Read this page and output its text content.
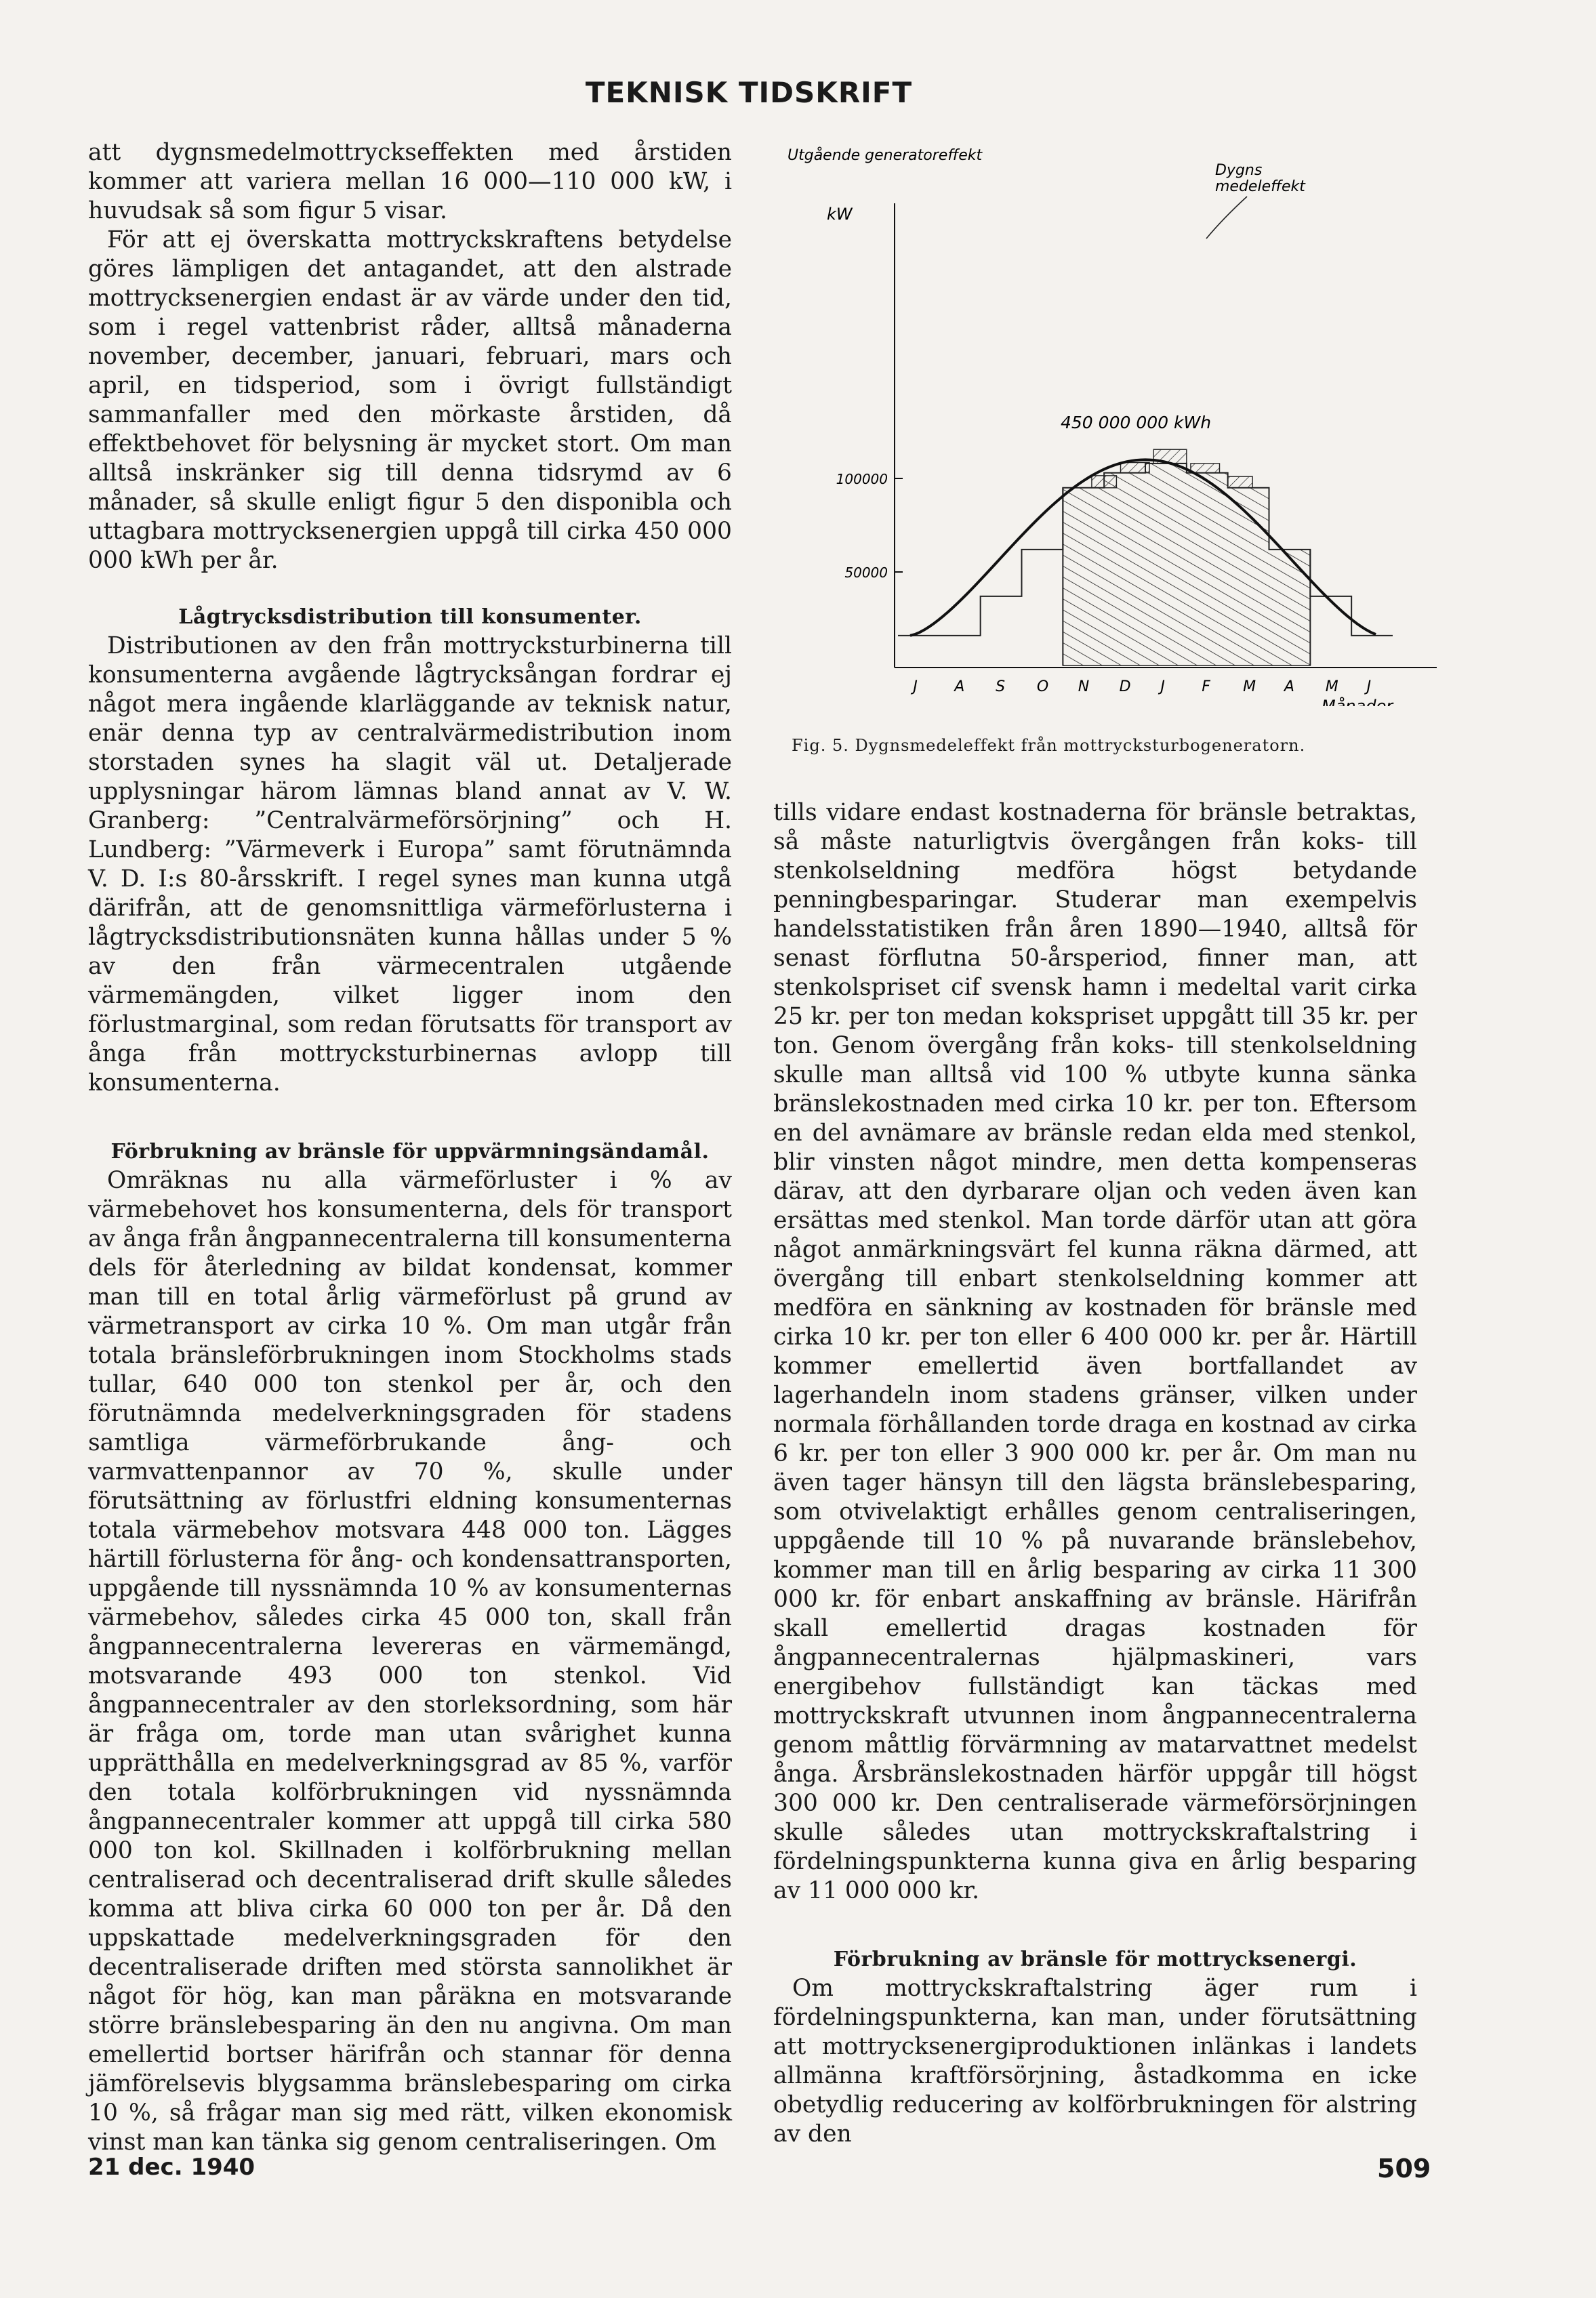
TEKNISK TIDSKRIFT

att dygnsmedelmottryckseffekten med årstiden kommer att variera mellan 16 000—110 000 kW, i huvudsak så som figur 5 visar.

För att ej överskatta mottryckskraftens betydelse göres lämpligen det antagandet, att den alstrade mottrycksenergien endast är av värde under den tid, som i regel vattenbrist råder, alltså månaderna november, december, januari, februari, mars och april, en tidsperiod, som i övrigt fullständigt sammanfaller med den mörkaste årstiden, då effektbehovet för belysning är mycket stort. Om man alltså inskränker sig till denna tidsrymd av 6 månader, så skulle enligt figur 5 den disponibla och uttagbara mottrycksenergien uppgå till cirka 450 000 000 kWh per år.

Lågtrycksdistribution till konsumenter.

Distributionen av den från mottrycksturbinerna till konsumenterna avgående lågtrycksångan fordrar ej något mera ingående klarläggande av teknisk natur, enär denna typ av centralvärmedistribution inom storstaden synes ha slagit väl ut. Detaljerade upplysningar härom lämnas bland annat av V. W. Granberg: ”Centralvärmeförsörjning” och H. Lundberg: ”Värmeverk i Europa” samt förutnämnda V. D. I:s 80-årsskrift. I regel synes man kunna utgå därifrån, att de genomsnittliga värmeförlusterna i lågtrycksdistributionsnäten kunna hållas under 5 % av den från värmecentralen utgående värmemängden, vilket ligger inom den förlustmarginal, som redan förutsatts för transport av ånga från mottrycksturbinernas avlopp till konsumenterna.

Förbrukning av bränsle för uppvärmningsändamål.

Omräknas nu alla värmeförluster i % av värmebehovet hos konsumenterna, dels för transport av ånga från ångpannecentralerna till konsumenterna dels för återledning av bildat kondensat, kommer man till en total årlig värmeförlust på grund av värmetransport av cirka 10 %. Om man utgår från totala bränsleförbrukningen inom Stockholms stads tullar, 640 000 ton stenkol per år, och den förutnämnda medelverkningsgraden för stadens samtliga värmeförbrukande ång- och varmvattenpannor av 70 %, skulle under förutsättning av förlustfri eldning konsumenternas totala värmebehov motsvara 448 000 ton. Lägges härtill förlusterna för ång- och kondensattransporten, uppgående till nyssnämnda 10 % av konsumenternas värmebehov, således cirka 45 000 ton, skall från ångpannecentralerna levereras en värmemängd, motsvarande 493 000 ton stenkol. Vid ångpannecentraler av den storleksordning, som här är fråga om, torde man utan svårighet kunna upprätthålla en medelverkningsgrad av 85 %, varför den totala kolförbrukningen vid nyssnämnda ångpannecentraler kommer att uppgå till cirka 580 000 ton kol. Skillnaden i kolförbrukning mellan centraliserad och decentraliserad drift skulle således komma att bliva cirka 60 000 ton per år. Då den uppskattade medelverkningsgraden för den decentraliserade driften med största sannolikhet är något för hög, kan man påräkna en motsvarande större bränslebesparing än den nu angivna. Om man emellertid bortser härifrån och stannar för denna jämförelsevis blygsamma bränslebesparing om cirka 10 %, så frågar man sig med rätt, vilken ekonomisk vinst man kan tänka sig genom centraliseringen. Om

Utgående generatoreffekt
kW
Dygns
medeleffekt
100000
50000
J A S O N D J F M A M J
450 000 000 kWh
Månader
Fig. 5. Dygnsmedeleffekt från mottrycksturbogeneratorn.

tills vidare endast kostnaderna för bränsle betraktas, så måste naturligtvis övergången från koks- till stenkolseldning medföra högst betydande penningbesparingar. Studerar man exempelvis handelsstatistiken från åren 1890—1940, alltså för senast förflutna 50-årsperiod, finner man, att stenkolspriset cif svensk hamn i medeltal varit cirka 25 kr. per ton medan kokspriset uppgått till 35 kr. per ton. Genom övergång från koks- till stenkolseldning skulle man alltså vid 100 % utbyte kunna sänka bränslekostnaden med cirka 10 kr. per ton. Eftersom en del avnämare av bränsle redan elda med stenkol, blir vinsten något mindre, men detta kompenseras därav, att den dyrbarare oljan och veden även kan ersättas med stenkol. Man torde därför utan att göra något anmärkningsvärt fel kunna räkna därmed, att övergång till enbart stenkolseldning kommer att medföra en sänkning av kostnaden för bränsle med cirka 10 kr. per ton eller 6 400 000 kr. per år. Härtill kommer emellertid även bortfallandet av lagerhandeln inom stadens gränser, vilken under normala förhållanden torde draga en kostnad av cirka 6 kr. per ton eller 3 900 000 kr. per år. Om man nu även tager hänsyn till den lägsta bränslebesparing, som otvivelaktigt erhålles genom centraliseringen, uppgående till 10 % på nuvarande bränslebehov, kommer man till en årlig besparing av cirka 11 300 000 kr. för enbart anskaffning av bränsle. Härifrån skall emellertid dragas kostnaden för ångpannecentralernas hjälpmaskineri, vars energibehov fullständigt kan täckas med mottryckskraft utvunnen inom ångpannecentralerna genom måttlig förvärmning av matarvattnet medelst ånga. Årsbränslekostnaden härför uppgår till högst 300 000 kr. Den centraliserade värmeförsörjningen skulle således utan mottryckskraftalstring i fördelningspunkterna kunna giva en årlig besparing av 11 000 000 kr.

Förbrukning av bränsle för mottrycksenergi.

Om mottryckskraftalstring äger rum i fördelningspunkterna, kan man, under förutsättning att mottrycksenergiproduktionen inlänkas i landets allmänna kraftförsörjning, åstadkomma en icke obetydlig reducering av kolförbrukningen för alstring av den

21 dec. 1940	509
